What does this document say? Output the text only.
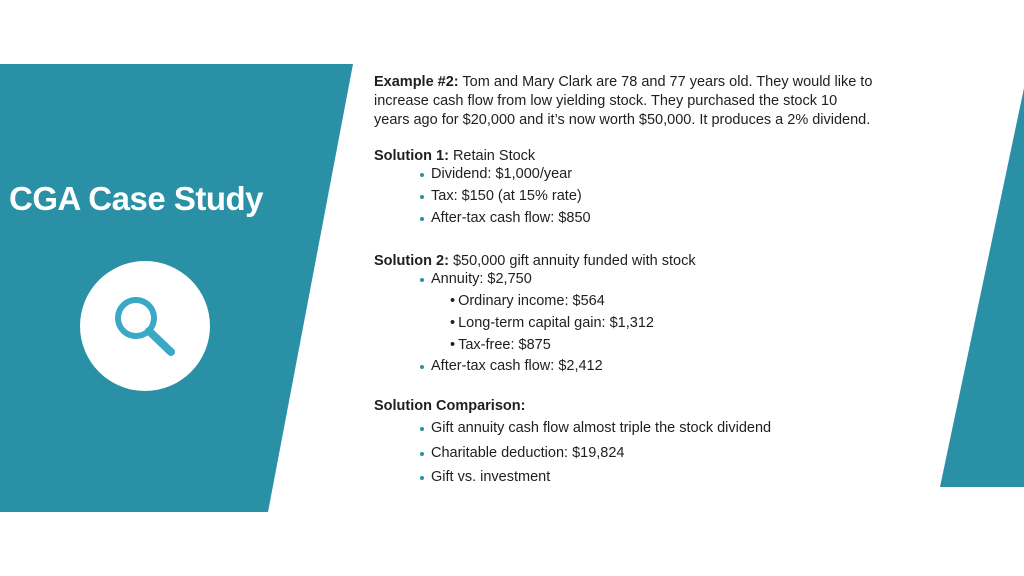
CGA Case Study
Example #2: Tom and Mary Clark are 78 and 77 years old. They would like to
increase cash flow from low yielding stock. They purchased the stock 10
years ago for $20,000 and it’s now worth $50,000. It produces a 2% dividend.
Solution 1: Retain Stock
Dividend: $1,000/year
Tax: $150 (at 15% rate)
After-tax cash flow: $850
Solution 2: $50,000 gift annuity funded with stock
Annuity: $2,750
• Ordinary income: $564
• Long-term capital gain: $1,312
• Tax-free: $875
After-tax cash flow: $2,412
Solution Comparison:
Gift annuity cash flow almost triple the stock dividend
Charitable deduction: $19,824
Gift vs. investment
